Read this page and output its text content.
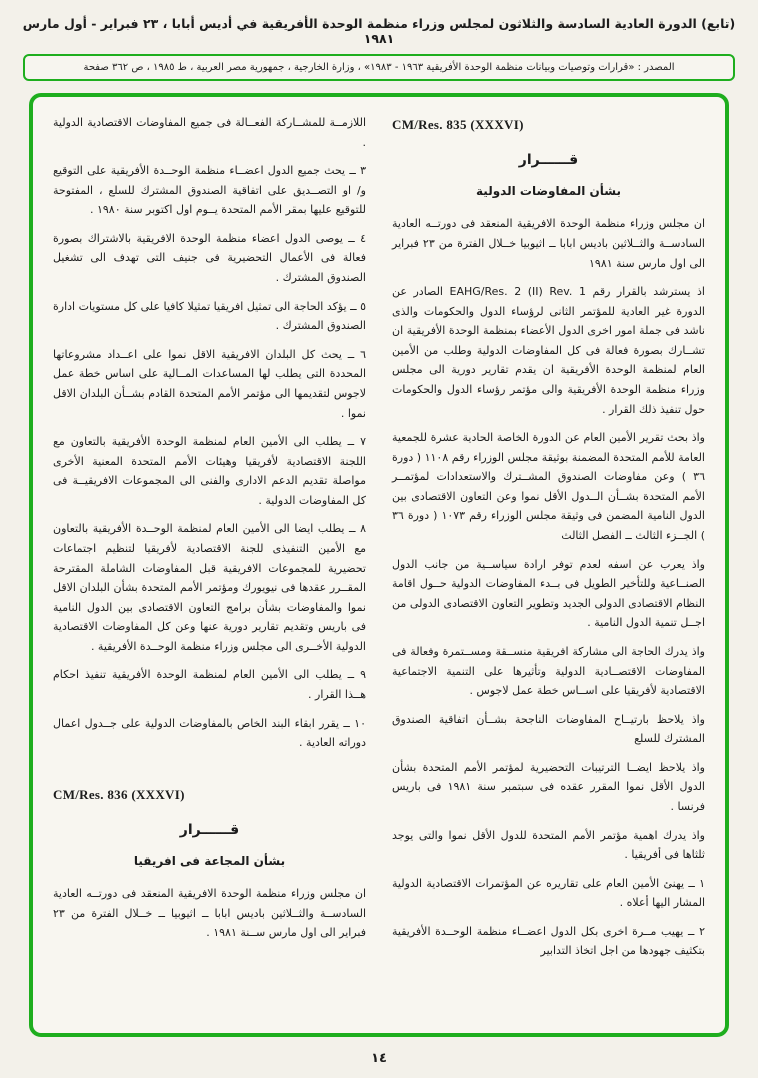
(تابع) الدورة العادية السادسة والثلاثون لمجلس وزراء منظمة الوحدة الأفريقية في أديس أبابا ، ٢٣ فبراير - أول مارس ١٩٨١
المصدر : «قرارات وتوصيات وبيانات منظمة الوحدة الأفريقية ١٩٦٣ - ١٩٨٣» ، وزارة الخارجية ، جمهورية مصر العربية ، ط ١٩٨٥ ، ص ٣٦٢ صفحة
CM/Res. 835 (XXXVI)
قــــــرار
بشأن المفاوضات الدولية

ان مجلس وزراء منظمة الوحدة الافريقية المنعقد فى دورتــه العادية السادســة والثــلاثين باديس ابابا ــ اثيوبيا خــلال الفترة من ٢٣ فبراير الى اول مارس سنة ١٩٨١

اذ يسترشد بالقرار رقم EAHG/Res. 2 (II) Rev. 1 الصادر عن الدورة غير العادية للمؤتمر الثانى لرؤساء الدول والحكومات والذى ناشد فى جملة امور اخرى الدول الأعضاء بمنظمة الوحدة الأفريقية ان تشــارك بصورة فعالة فى كل المفاوضات الدولية وطلب من الأمين العام لمنظمة الوحدة الأفريقية ان يقدم تقارير دورية الى مجلس وزراء منظمة الوحدة الأفريقية والى مؤتمر رؤساء الدول والحكومات حول تنفيذ ذلك القرار .

واذ بحث تقرير الأمين العام عن الدورة الخاصة الحادية عشرة للجمعية العامة للأمم المتحدة المضمنة بوثيقة مجلس الوزراء رقم ١١٠٨ ( دورة ٣٦ ) وعن مفاوضات الصندوق المشــترك والاستعدادات لمؤتمــر الأمم المتحدة بشــأن الــدول الأقل نموا وعن التعاون الاقتصادى بين الدول النامية المضمن فى وثيقة مجلس الوزراء رقم ١٠٧٣ ( دورة ٣٦ ) الجــزء الثالث ــ الفصل الثالث

واذ يعرب عن اسفه لعدم توفر ارادة سياســية من جانب الدول الصنــاعية وللتأخير الطويل فى بــدء المفاوضات الدولية حــول اقامة النظام الاقتصادى الدولى الجديد وتطوير التعاون الاقتصادى الدولى من اجــل تنمية الدول النامية .

واذ يدرك الحاجة الى مشاركة افريقية منســقة ومســتمرة وفعالة فى المفاوضات الاقتصــادية الدولية وتأثيرها على التنمية الاجتماعية الاقتصادية لأفريقيا على اســاس خطة عمل لاجوس .

واذ يلاحظ بارتيــاح المفاوضات الناجحة بشــأن اتفاقية الصندوق المشترك للسلع

واذ يلاحظ ايضــا الترتيبات التحضيرية لمؤتمر الأمم المتحدة بشأن الدول الأقل نموا المقرر عقده فى سبتمبر سنة ١٩٨١ فى باريس فرنسا .

واذ يدرك اهمية مؤتمر الأمم المتحدة للدول الأقل نموا والتى يوجد ثلثاها فى أفريقيا .

١ ــ يهنئ الأمين العام على تقاريره عن المؤتمرات الاقتصادية الدولية المشار اليها أعلاه .

٢ ــ يهيب مــرة اخرى بكل الدول اعضــاء منظمة الوحــدة الأفريقية بتكثيف جهودها من اجل اتخاذ التدابير

اللازمــة للمشــاركة الفعــالة فى جميع المفاوضات الاقتصادية الدولية .

٣ ــ يحث جميع الدول اعضــاء منظمة الوحــدة الأفريقية على التوقيع و/ او التصــديق على اتفاقية الصندوق المشترك للسلع ، المفتوحة للتوقيع عليها بمقر الأمم المتحدة يــوم اول اكتوبر سنة ١٩٨٠ .

٤ ــ يوصى الدول اعضاء منظمة الوحدة الافريقية بالاشتراك بصورة فعالة فى الأعمال التحضيرية فى جنيف التى تهدف الى تشغيل الصندوق المشترك .

٥ ــ يؤكد الحاجة الى تمثيل افريقيا تمثيلا كافيا على كل مستويات ادارة الصندوق المشترك .

٦ ــ يحث كل البلدان الافريقية الاقل نموا على اعــداد مشروعاتها المحددة التى يطلب لها المساعدات المــالية على اساس خطة عمل لاجوس لتقديمها الى مؤتمر الأمم المتحدة القادم بشــأن البلدان الاقل نموا .

٧ ــ يطلب الى الأمين العام لمنظمة الوحدة الأفريقية بالتعاون مع اللجنة الاقتصادية لأفريقيا وهيئات الأمم المتحدة المعنية الأخرى مواصلة تقديم الدعم الادارى والفنى الى المجموعات الافريقيــة فى كل المفاوضات الدولية .

٨ ــ يطلب ايضا الى الأمين العام لمنظمة الوحــدة الأفريقية بالتعاون مع الأمين التنفيذى للجنة الاقتصادية لأفريقيا لتنظيم اجتماعات تحضيرية للمجموعات الافريقية قبل المفاوضات الشاملة المقترحة المقــرر عقدها فى نيويورك ومؤتمر الأمم المتحدة بشأن البلدان الاقل نموا والمفاوضات بشأن برامج التعاون الاقتصادى بين الدول النامية فى باريس وتقديم تقارير دورية عنها وعن كل المفاوضات الاقتصادية الدولية الأخــرى الى مجلس وزراء منظمة الوحــدة الأفريقية .

٩ ــ يطلب الى الأمين العام لمنظمة الوحدة الأفريقية تنفيذ احكام هــذا القرار .

١٠ ــ يقرر ابقاء البند الخاص بالمفاوضات الدولية على جــدول اعمال دوراته العادية .

CM/Res. 836 (XXXVI)
قــــــرار
بشأن المجاعة فى افريقيا

ان مجلس وزراء منظمة الوحدة الافريقية المنعقد فى دورتــه العادية السادســة والثــلاثين باديس ابابا ــ اثيوبيا ــ خــلال الفترة من ٢٣ فبراير الى اول مارس ســنة ١٩٨١ .

١٤
